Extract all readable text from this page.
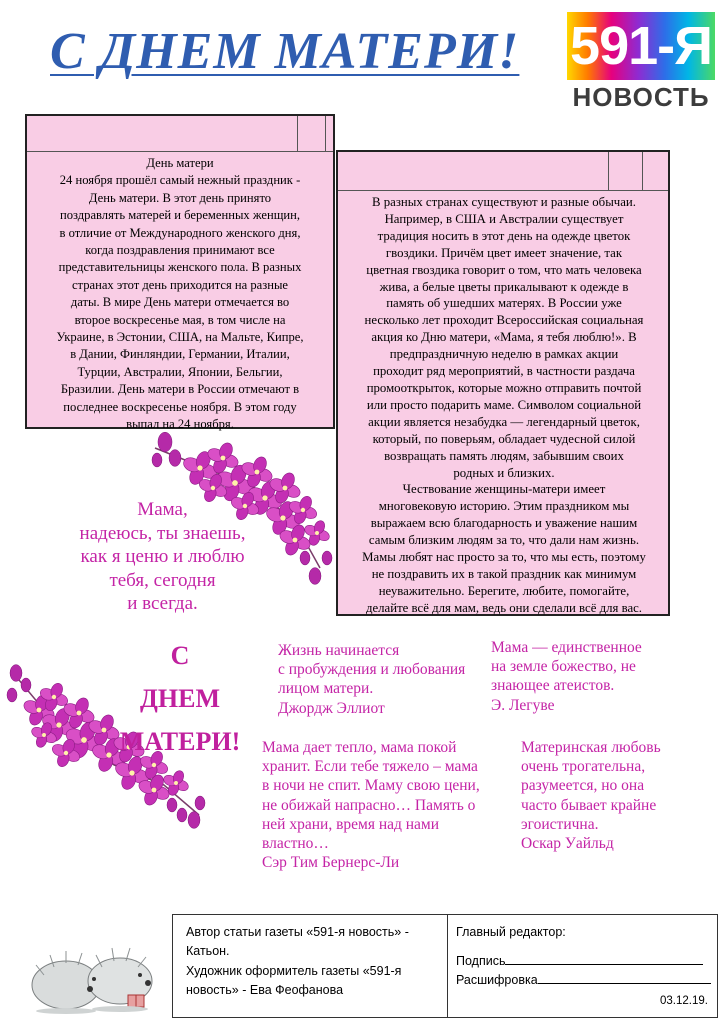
С ДНЕМ МАТЕРИ! 591-Я
НОВОСТЬ
День матери
24 ноября прошёл самый нежный праздник -
День матери. В этот день принято
поздравлять матерей и беременных женщин,
в отличие от Международного женского дня,
когда поздравления принимают все
представительницы женского пола. В разных
странах этот день приходится на разные
даты. В мире День матери отмечается во
второе воскресенье мая, в том числе на
Украине, в Эстонии, США, на Мальте, Кипре,
в Дании, Финляндии, Германии, Италии,
Турции, Австралии, Японии, Бельгии,
Бразилии. День матери в России отмечают в
последнее воскресенье ноября. В этом году
выпал на 24 ноября.
В разных странах существуют и разные обычаи.
Например, в США и Австралии существует
традиция носить в этот день на одежде цветок
гвоздики. Причём цвет имеет значение, так
цветная гвоздика говорит о том, что мать человека
жива, а белые цветы прикалывают к одежде в
память об ушедших матерях. В России уже
несколько лет проходит Всероссийская социальная
акция ко Дню матери, «Мама, я тебя люблю!». В
предпраздничную неделю в рамках акции
проходит ряд мероприятий, в частности раздача
промооткрыток, которые можно отправить почтой
или просто подарить маме. Символом социальной
акции является незабудка — легендарный цветок,
который, по поверьям, обладает чудесной силой
возвращать память людям, забывшим своих
родных и близких.
Чествование женщины-матери имеет
многовековую историю. Этим праздником мы
выражаем всю благодарность и уважение нашим
самым близким людям за то, что дали нам жизнь.
Мамы любят нас просто за то, что мы есть, поэтому
не поздравить их в такой праздник как минимум
неуважительно. Берегите, любите, помогайте,
делайте всё для мам, ведь они сделали всё для вас.
Мама,
надеюсь, ты знаешь,
как я ценю и люблю
тебя, сегодня
и всегда.
С
ДНЕМ
МАТЕРИ!
Жизнь начинается
с пробуждения и любования
лицом матери.
Джордж Эллиот
Мама — единственное
на земле божество, не
знающее атеистов.
Э. Легуве
Мама дает тепло, мама покой
хранит. Если тебе тяжело – мама
в ночи не спит. Маму свою цени,
не обижай напрасно… Память о
ней храни, время над нами
властно…
Сэр Тим Бернерс-Ли
Материнская любовь
очень трогательна,
разумеется, но она
часто бывает крайне
эгоистична.
Оскар Уайльд
Автор статьи газеты «591-я новость» -
Катьон.
Художник оформитель газеты «591-я
новость» - Ева Феофанова
Главный редактор:
Подпись
Расшифровка
03.12.19.
